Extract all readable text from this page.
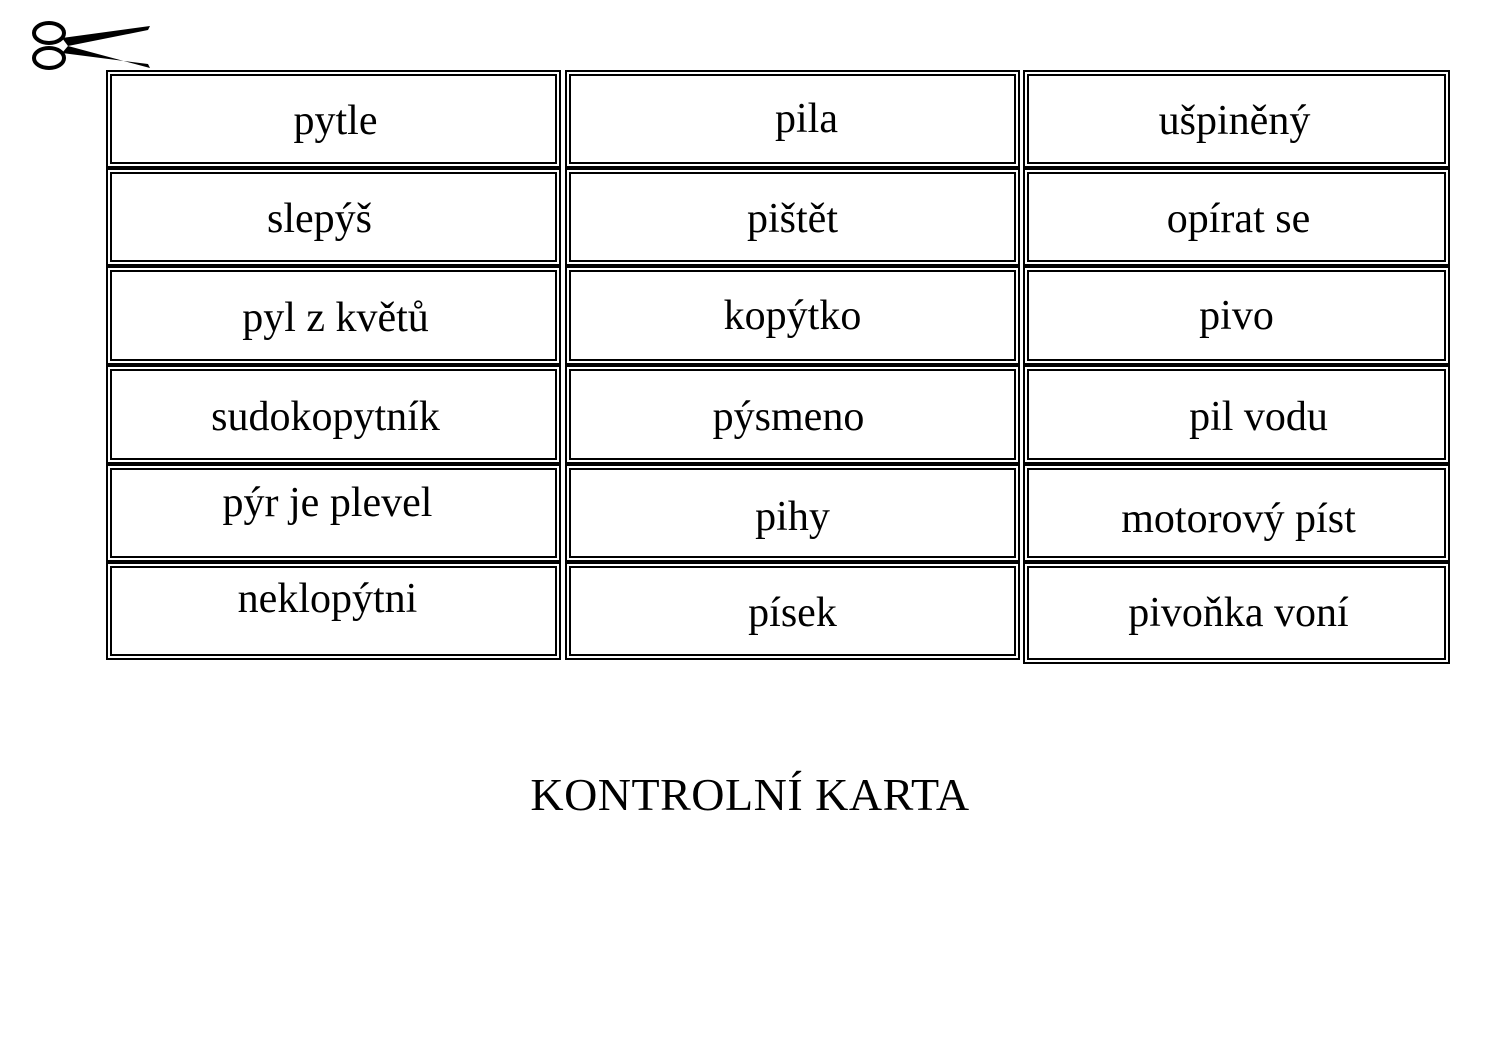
pytle
slepýš
pyl z květů
sudokopytník
pýr je plevel
neklopýtni
pila
pištět
kopýtko
pýsmeno
pihy
písek
ušpiněný
opírat se
pivo
pil vodu
motorový píst
pivoňka voní
KONTROLNÍ KARTA
